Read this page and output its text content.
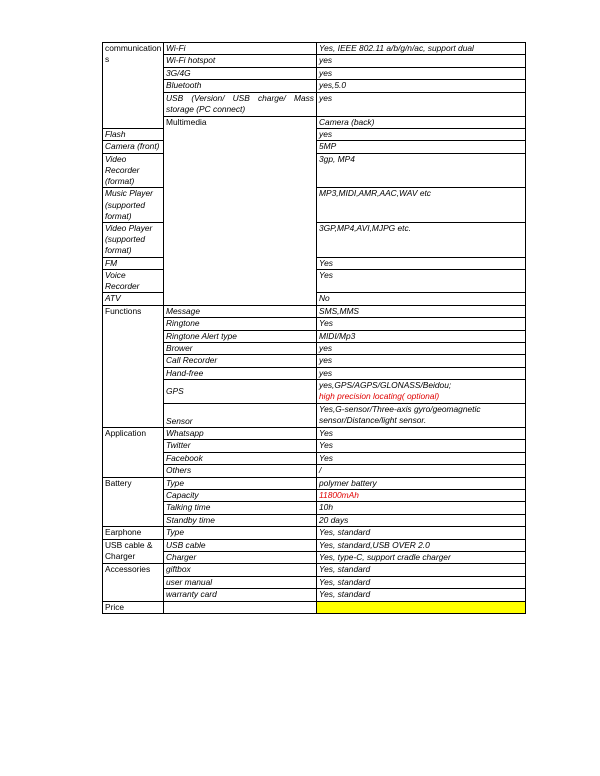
communication
s	Wi-Fi	Yes, IEEE 802.11 a/b/g/n/ac, support dual	
	Wi-Fi hotspot	yes	
	3G/4G	yes	
	Bluetooth	yes,5.0	
	USB (Version/ USB charge/ Mass storage (PC connect)	yes	
	Multimedia	Camera (back)	
Flash		yes	
Camera (front)		5MP	
Video Recorder (format)		3gp, MP4	
Music Player (supported format)		MP3,MIDI,AMR,AAC,WAV etc	
Video Player (supported format)		3GP,MP4,AVI,MJPG etc.	
FM		Yes	
Voice Recorder		Yes	
ATV		No	
Functions	Message	SMS,MMS	
	Ringtone	Yes	
	Ringtone Alert type	MIDI/Mp3	
	Brower	yes	
	Call Recorder	yes	
	Hand-free	yes	
	GPS	yes,GPS/AGPS/GLONASS/Beidou;
high precision locating( optional)	

	Sensor	Yes,G-sensor/Three-axis gyro/geomagnetic
sensor/Distance/light sensor.	

Application	Whatsapp	Yes	
	Twitter	Yes	
	Facebook	Yes	
	Others	/	
Battery	Type	polymer battery	
	Capacity	11800mAh	
	Talking time	10h	
	Standby time	20 days	
Earphone	Type	Yes, standard	

USB cable &
Charger	USB cable	Yes, standard,USB OVER 2.0	
	Charger	Yes, type-C, support cradle charger	
Accessories	giftbox	Yes, standard	
	user manual	Yes, standard	
	warranty card	Yes, standard	
Price			
